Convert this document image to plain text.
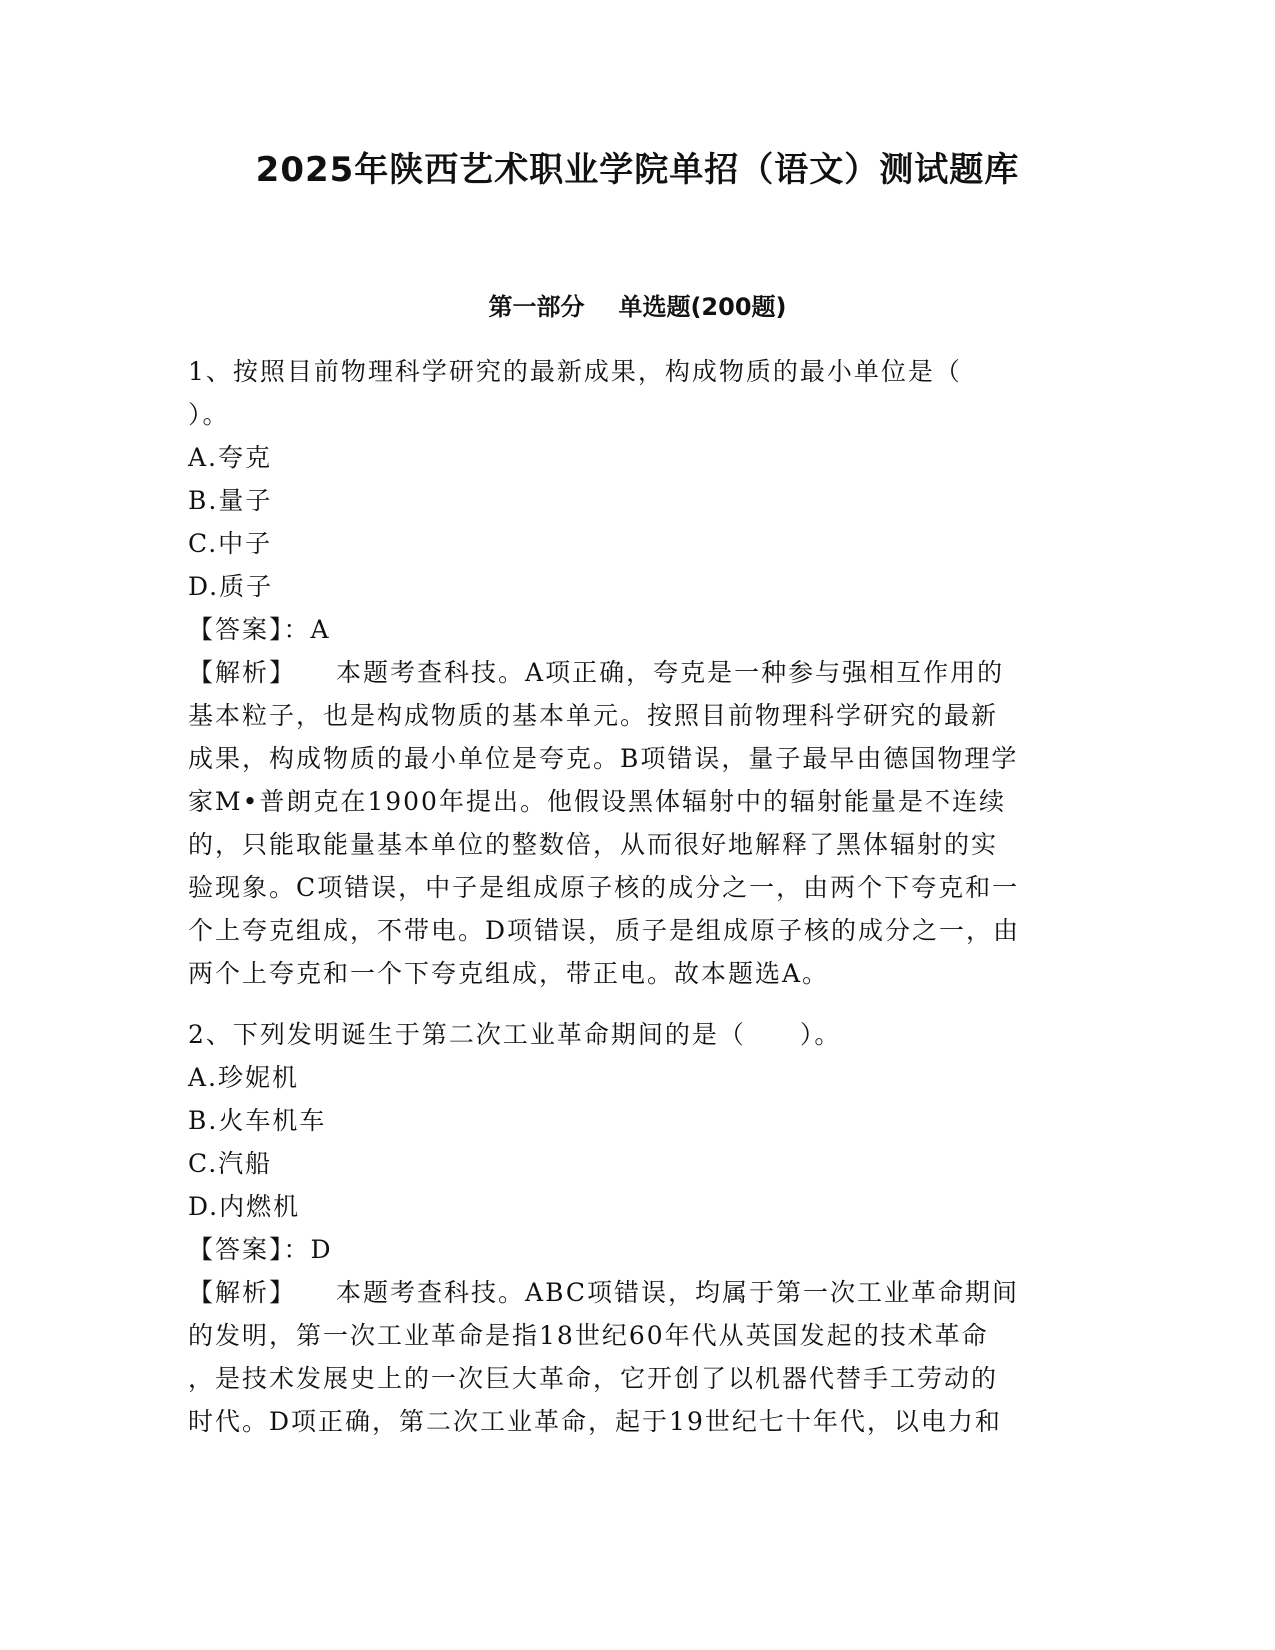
2025年陕西艺术职业学院单招（语文）测试题库
第一部分 单选题(200题)
1、按照目前物理科学研究的最新成果，构成物质的最小单位是（
）。
A.夸克
B.量子
C.中子
D.质子
【答案】：A
【解析】 本题考查科技。A项正确，夸克是一种参与强相互作用的
基本粒子，也是构成物质的基本单元。按照目前物理科学研究的最新
成果，构成物质的最小单位是夸克。B项错误，量子最早由德国物理学
家M•普朗克在1900年提出。他假设黑体辐射中的辐射能量是不连续
的，只能取能量基本单位的整数倍，从而很好地解释了黑体辐射的实
验现象。C项错误，中子是组成原子核的成分之一，由两个下夸克和一
个上夸克组成，不带电。D项错误，质子是组成原子核的成分之一，由
两个上夸克和一个下夸克组成，带正电。故本题选A。
2、下列发明诞生于第二次工业革命期间的是（　　）。
A.珍妮机
B.火车机车
C.汽船
D.内燃机
【答案】：D
【解析】 本题考查科技。ABC项错误，均属于第一次工业革命期间
的发明，第一次工业革命是指18世纪60年代从英国发起的技术革命
，是技术发展史上的一次巨大革命，它开创了以机器代替手工劳动的
时代。D项正确，第二次工业革命，起于19世纪七十年代，以电力和
